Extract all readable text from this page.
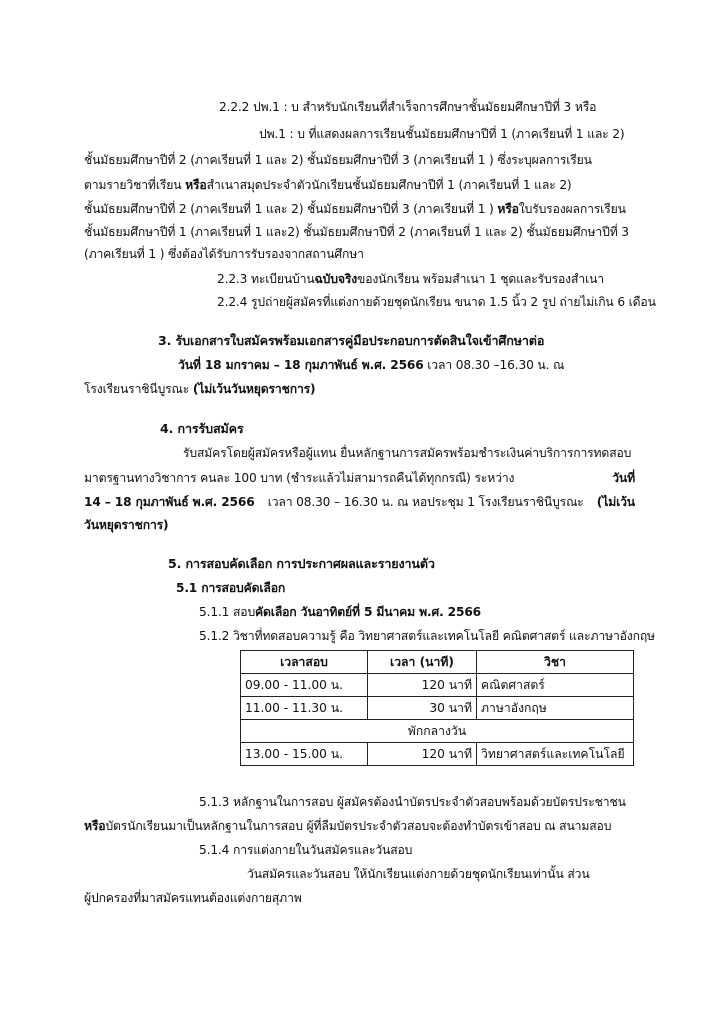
2.2.2 ปพ.1 : บ สำหรับนักเรียนที่สำเร็จการศึกษาชั้นมัธยมศึกษาปีที่ 3 หรือ
ปพ.1 : บ ที่แสดงผลการเรียนชั้นมัธยมศึกษาปีที่ 1 (ภาคเรียนที่ 1 และ 2)
ชั้นมัธยมศึกษาปีที่ 2 (ภาคเรียนที่ 1 และ 2) ชั้นมัธยมศึกษาปีที่ 3 (ภาคเรียนที่ 1 ) ซึ่งระบุผลการเรียน
ตามรายวิชาที่เรียน หรือสำเนาสมุดประจำตัวนักเรียนชั้นมัธยมศึกษาปีที่ 1 (ภาคเรียนที่ 1 และ 2)
ชั้นมัธยมศึกษาปีที่ 2 (ภาคเรียนที่ 1 และ 2) ชั้นมัธยมศึกษาปีที่ 3 (ภาคเรียนที่ 1 ) หรือใบรับรองผลการเรียน
ชั้นมัธยมศึกษาปีที่ 1 (ภาคเรียนที่ 1 และ2) ชั้นมัธยมศึกษาปีที่ 2 (ภาคเรียนที่ 1 และ 2) ชั้นมัธยมศึกษาปีที่ 3
(ภาคเรียนที่ 1 ) ซึ่งต้องได้รับการรับรองจากสถานศึกษา
2.2.3 ทะเบียนบ้านฉบับจริงของนักเรียน พร้อมสำเนา 1 ชุดและรับรองสำเนา
2.2.4 รูปถ่ายผู้สมัครที่แต่งกายด้วยชุดนักเรียน ขนาด 1.5 นิ้ว 2 รูป ถ่ายไม่เกิน 6 เดือน
3. รับเอกสารใบสมัครพร้อมเอกสารคู่มือประกอบการตัดสินใจเข้าศึกษาต่อ
วันที่ 18 มกราคม – 18 กุมภาพันธ์ พ.ศ. 2566 เวลา 08.30 –16.30 น. ณ
โรงเรียนราชินีบูรณะ (ไม่เว้นวันหยุดราชการ)
4. การรับสมัคร
รับสมัครโดยผู้สมัครหรือผู้แทน ยื่นหลักฐานการสมัครพร้อมชำระเงินค่าบริการการทดสอบ
มาตรฐานทางวิชาการ คนละ 100 บาท (ชำระแล้วไม่สามารถคืนได้ทุกกรณี) ระหว่าง	วันที่
14 – 18 กุมภาพันธ์ พ.ศ. 2566 เวลา 08.30 – 16.30 น. ณ หอประชุม 1 โรงเรียนราชินีบูรณะ (ไม่เว้น
วันหยุดราชการ)
5. การสอบคัดเลือก การประกาศผลและรายงานตัว
5.1 การสอบคัดเลือก
5.1.1 สอบคัดเลือก วันอาทิตย์ที่ 5 มีนาคม พ.ศ. 2566
5.1.2 วิชาที่ทดสอบความรู้ คือ วิทยาศาสตร์และเทคโนโลยี คณิตศาสตร์ และภาษาอังกฤษ
เวลาสอบ	เวลา (นาที)	วิชา
09.00 - 11.00 น.	120 นาที	คณิตศาสตร์
11.00 - 11.30 น.	30 นาที	ภาษาอังกฤษ
พักกลางวัน		
13.00 - 15.00 น.	120 นาที	วิทยาศาสตร์และเทคโนโลยี
5.1.3 หลักฐานในการสอบ ผู้สมัครต้องนำบัตรประจำตัวสอบพร้อมด้วยบัตรประชาชน
หรือบัตรนักเรียนมาเป็นหลักฐานในการสอบ ผู้ที่ลืมบัตรประจำตัวสอบจะต้องทำบัตรเข้าสอบ ณ สนามสอบ
5.1.4 การแต่งกายในวันสมัครและวันสอบ
วันสมัครและวันสอบ ให้นักเรียนแต่งกายด้วยชุดนักเรียนเท่านั้น ส่วน
ผู้ปกครองที่มาสมัครแทนต้องแต่งกายสุภาพ
